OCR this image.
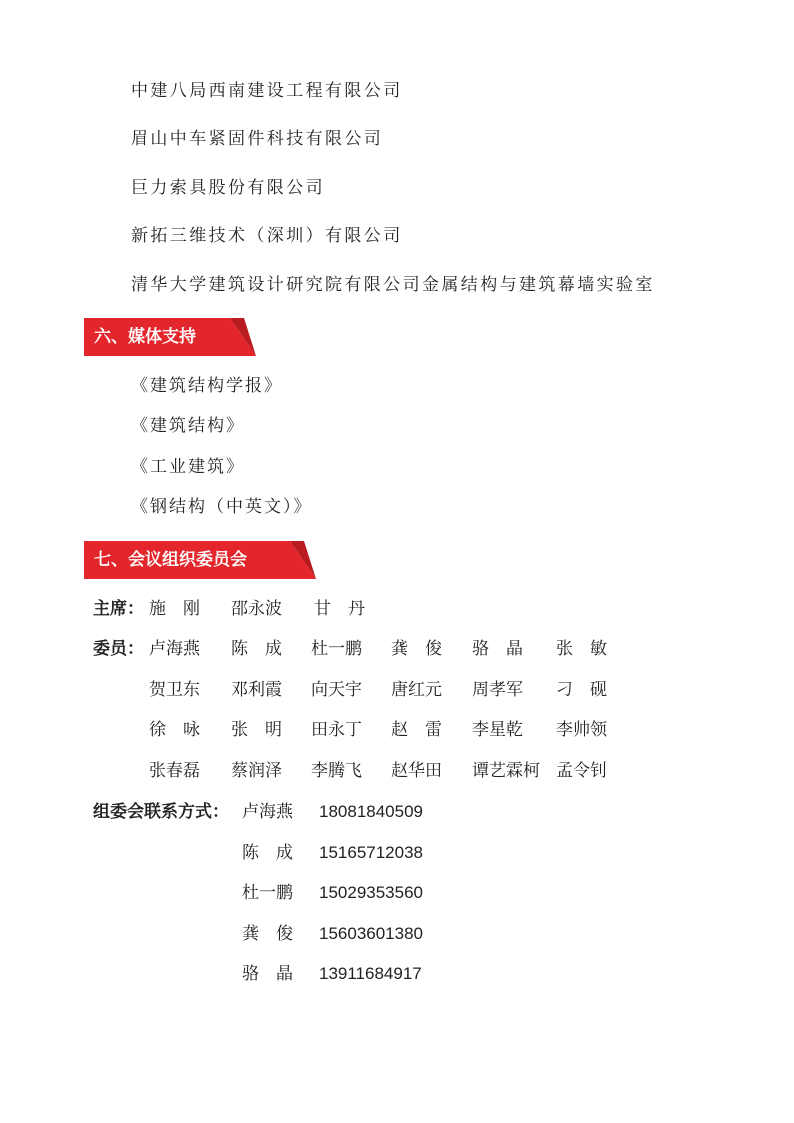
中建八局西南建设工程有限公司
眉山中车紧固件科技有限公司
巨力索具股份有限公司
新拓三维技术（深圳）有限公司
清华大学建筑设计研究院有限公司金属结构与建筑幕墙实验室
六、媒体支持
《建筑结构学报》
《建筑结构》
《工业建筑》
《钢结构（中英文）》
七、会议组织委员会
主席： 施　刚 邵永波 甘　丹
委员： 卢海燕 陈　成 杜一鹏 龚　俊 骆　晶 张　敏
贺卫东 邓利霞 向天宇 唐红元 周孝军 刁　砚
徐　咏 张　明 田永丁 赵　雷 李星乾 李帅领
张春磊 蔡润泽 李腾飞 赵华田 谭艺霖柯 孟令钊
组委会联系方式： 卢海燕 18081840509
陈　成 15165712038
杜一鹏 15029353560
龚　俊 15603601380
骆　晶 13911684917
